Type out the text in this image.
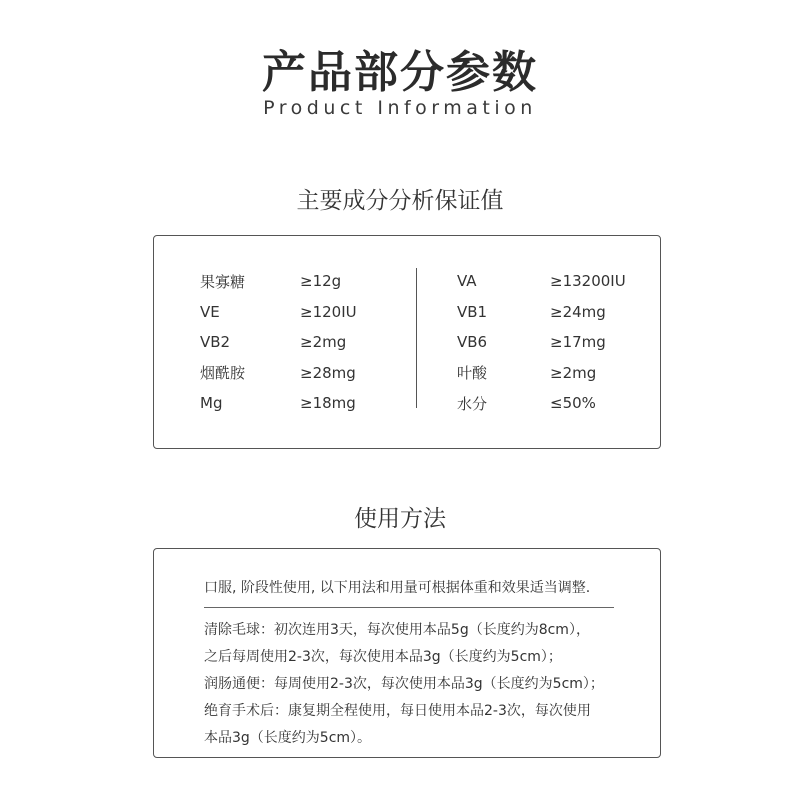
产品部分参数
Product Information
主要成分分析保证值
果寡糖	≥12g
VE	≥120IU
VB2	≥2mg
烟酰胺	≥28mg
Mg	≥18mg
VA	≥13200IU
VB1	≥24mg
VB6	≥17mg
叶酸	≥2mg
水分	≤50%
使用方法
口服, 阶段性使用, 以下用法和用量可根据体重和效果适当调整.
清除毛球：初次连用3天，每次使用本品5g（长度约为8cm），
之后每周使用2-3次，每次使用本品3g（长度约为5cm）；
润肠通便：每周使用2-3次，每次使用本品3g（长度约为5cm）；
绝育手术后：康复期全程使用，每日使用本品2-3次，每次使用
本品3g（长度约为5cm）。
